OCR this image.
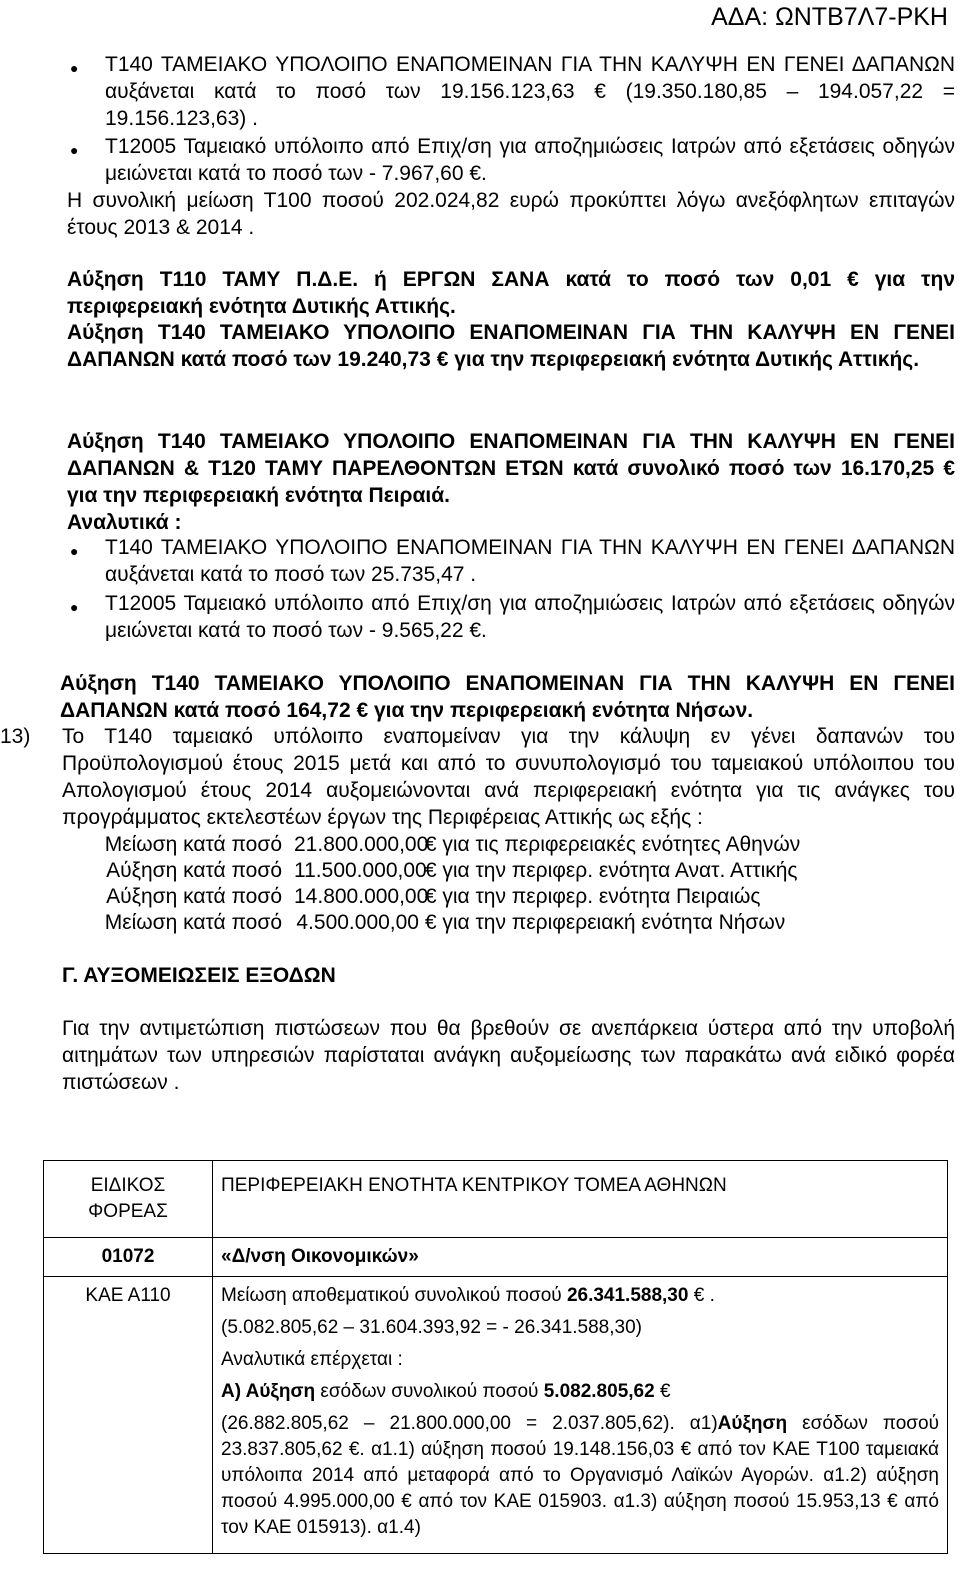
ΑΔΑ: ΩΝΤΒ7Λ7-ΡΚΗ
● Τ140 ΤΑΜΕΙΑΚΟ ΥΠΟΛΟΙΠΟ ΕΝΑΠΟΜΕΙΝΑΝ ΓΙΑ ΤΗΝ ΚΑΛΥΨΗ ΕΝ ΓΕΝΕΙ ΔΑΠΑΝΩΝ αυξάνεται κατά το ποσό των 19.156.123,63 € (19.350.180,85 – 194.057,22 = 19.156.123,63) .
● Τ12005 Ταμειακό υπόλοιπο από Επιχ/ση για αποζημιώσεις Ιατρών από εξετάσεις οδηγών μειώνεται κατά το ποσό των - 7.967,60 €.
Η συνολική μείωση Τ100 ποσού 202.024,82 ευρώ προκύπτει λόγω ανεξόφλητων επιταγών έτους 2013 & 2014 .
Αύξηση Τ110 ΤΑΜΥ Π.Δ.Ε. ή ΕΡΓΩΝ ΣΑΝΑ κατά το ποσό των 0,01 € για την περιφερειακή ενότητα Δυτικής Αττικής.
Αύξηση Τ140 ΤΑΜΕΙΑΚΟ ΥΠΟΛΟΙΠΟ ΕΝΑΠΟΜΕΙΝΑΝ ΓΙΑ ΤΗΝ ΚΑΛΥΨΗ ΕΝ ΓΕΝΕΙ ΔΑΠΑΝΩΝ κατά ποσό των 19.240,73 € για την περιφερειακή ενότητα Δυτικής Αττικής.
Αύξηση Τ140 ΤΑΜΕΙΑΚΟ ΥΠΟΛΟΙΠΟ ΕΝΑΠΟΜΕΙΝΑΝ ΓΙΑ ΤΗΝ ΚΑΛΥΨΗ ΕΝ ΓΕΝΕΙ ΔΑΠΑΝΩΝ & Τ120 ΤΑΜΥ ΠΑΡΕΛΘΟΝΤΩΝ ΕΤΩΝ κατά συνολικό ποσό των 16.170,25 € για την περιφερειακή ενότητα Πειραιά.
Αναλυτικά :
● Τ140 ΤΑΜΕΙΑΚΟ ΥΠΟΛΟΙΠΟ ΕΝΑΠΟΜΕΙΝΑΝ ΓΙΑ ΤΗΝ ΚΑΛΥΨΗ ΕΝ ΓΕΝΕΙ ΔΑΠΑΝΩΝ αυξάνεται κατά το ποσό των 25.735,47 .
● Τ12005 Ταμειακό υπόλοιπο από Επιχ/ση για αποζημιώσεις Ιατρών από εξετάσεις οδηγών μειώνεται κατά το ποσό των - 9.565,22 €.
Αύξηση Τ140 ΤΑΜΕΙΑΚΟ ΥΠΟΛΟΙΠΟ ΕΝΑΠΟΜΕΙΝΑΝ ΓΙΑ ΤΗΝ ΚΑΛΥΨΗ ΕΝ ΓΕΝΕΙ ΔΑΠΑΝΩΝ κατά ποσό 164,72 € για την περιφερειακή ενότητα Νήσων.
13) Το Τ140 ταμειακό υπόλοιπο εναπομείναν για την κάλυψη εν γένει δαπανών του Προϋπολογισμού έτους 2015 μετά και από το συνυπολογισμό του ταμειακού υπόλοιπου του Απολογισμού έτους 2014 αυξομειώνονται ανά περιφερειακή ενότητα για τις ανάγκες του προγράμματος εκτελεστέων έργων της Περιφέρειας Αττικής ως εξής :
Μείωση κατά ποσό 21.800.000,00 € για τις περιφερειακές ενότητες Αθηνών
Αύξηση κατά ποσό 11.500.000,00 € για την περιφερ. ενότητα Ανατ. Αττικής
Αύξηση κατά ποσό 14.800.000,00 € για την περιφερ. ενότητα Πειραιώς
Μείωση κατά ποσό 4.500.000,00 € για την περιφερειακή ενότητα Νήσων
Γ. ΑΥΞΟΜΕΙΩΣΕΙΣ ΕΞΟΔΩΝ
Για την αντιμετώπιση πιστώσεων που θα βρεθούν σε ανεπάρκεια ύστερα από την υποβολή αιτημάτων των υπηρεσιών παρίσταται ανάγκη αυξομείωσης των παρακάτω ανά ειδικό φορέα πιστώσεων .
ΕΙΔΙΚΟΣ ΦΟΡΕΑΣ	ΠΕΡΙΦΕΡΕΙΑΚΗ ΕΝΟΤΗΤΑ ΚΕΝΤΡΙΚΟΥ ΤΟΜΕΑ ΑΘΗΝΩΝ
01072	«Δ/νση Οικονομικών»
ΚΑΕ Α110	Μείωση αποθεματικού συνολικού ποσού 26.341.588,30 € .
(5.082.805,62 – 31.604.393,92 = - 26.341.588,30)
Αναλυτικά επέρχεται :
Α) Αύξηση εσόδων συνολικού ποσού 5.082.805,62 €
(26.882.805,62 – 21.800.000,00 = 2.037.805,62). α1)Αύξηση εσόδων ποσού 23.837.805,62 €. α1.1) αύξηση ποσού 19.148.156,03 € από τον ΚΑΕ Τ100 ταμειακά υπόλοιπα 2014 από μεταφορά από το Οργανισμό Λαϊκών Αγορών. α1.2) αύξηση ποσού 4.995.000,00 € από τον ΚΑΕ 015903. α1.3) αύξηση ποσού 15.953,13 € από τον ΚΑΕ 015913). α1.4)
